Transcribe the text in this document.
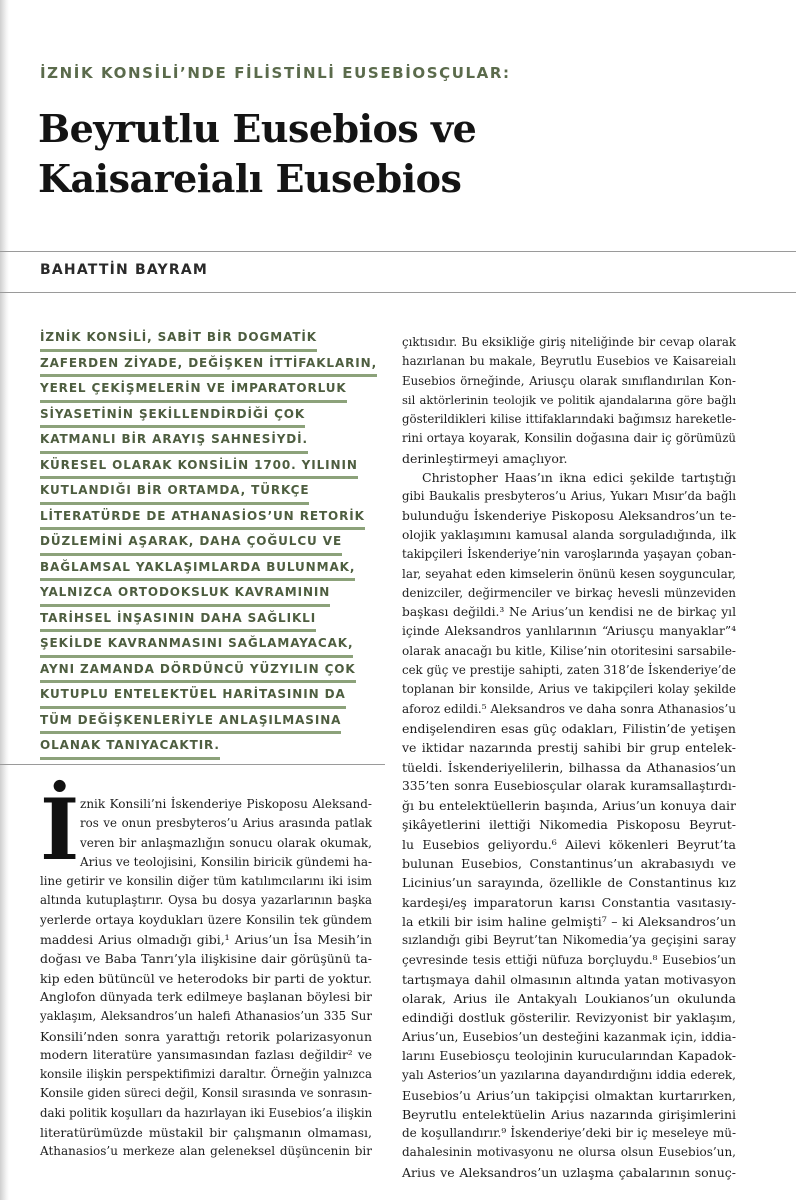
İZNİK KONSİLİ’NDE FİLİSTİNLİ EUSEBİOSÇULAR:
Beyrutlu Eusebios ve
Kaisareialı Eusebios
BAHATTİN BAYRAM
İZNİK KONSİLİ, SABİT BİR DOGMATİK
ZAFERDEN ZİYADE, DEĞİŞKEN İTTİFAKLARIN,
YEREL ÇEKİŞMELERİN VE İMPARATORLUK
SİYASETİNİN ŞEKİLLENDİRDİĞİ ÇOK
KATMANLI BİR ARAYIŞ SAHNESİYDİ.
KÜRESEL OLARAK KONSİLİN 1700. YILININ
KUTLANDIĞI BİR ORTAMDA, TÜRKÇE
LİTERATÜRDE DE ATHANASİOS’UN RETORİK
DÜZLEMİNİ AŞARAK, DAHA ÇOĞULCU VE
BAĞLAMSAL YAKLAŞIMLARDA BULUNMAK,
YALNIZCA ORTODOKSLUK KAVRAMININ
TARİHSEL İNŞASININ DAHA SAĞLIKLI
ŞEKİLDE KAVRANMASINI SAĞLAMAYACAK,
AYNI ZAMANDA DÖRDÜNCÜ YÜZYILIN ÇOK
KUTUPLU ENTELEKTÜEL HARİTASININ DA
TÜM DEĞİŞKENLERİYLE ANLAŞILMASINA
OLANAK TANIYACAKTIR.
İ znik Konsili’ni İskenderiye Piskoposu Aleksand-
ros ve onun presbyteros’u Arius arasında patlak
veren bir anlaşmazlığın sonucu olarak okumak,
Arius ve teolojisini, Konsilin biricik gündemi ha-
line getirir ve konsilin diğer tüm katılımcılarını iki isim
altında kutuplaştırır. Oysa bu dosya yazarlarının başka
yerlerde ortaya koydukları üzere Konsilin tek gündem
maddesi Arius olmadığı gibi,¹ Arius’un İsa Mesih’in
doğası ve Baba Tanrı’yla ilişkisine dair görüşünü ta-
kip eden bütüncül ve heterodoks bir parti de yoktur.
Anglofon dünyada terk edilmeye başlanan böylesi bir
yaklaşım, Aleksandros’un halefi Athanasios’un 335 Sur
Konsili’nden sonra yarattığı retorik polarizasyonun
modern literatüre yansımasından fazlası değildir² ve
konsile ilişkin perspektifimizi daraltır. Örneğin yalnızca
Konsile giden süreci değil, Konsil sırasında ve sonrasın-
daki politik koşulları da hazırlayan iki Eusebios’a ilişkin
literatürümüzde müstakil bir çalışmanın olmaması,
Athanasios’u merkeze alan geleneksel düşüncenin bir
çıktısıdır. Bu eksikliğe giriş niteliğinde bir cevap olarak
hazırlanan bu makale, Beyrutlu Eusebios ve Kaisareialı
Eusebios örneğinde, Ariusçu olarak sınıflandırılan Kon-
sil aktörlerinin teolojik ve politik ajandalarına göre bağlı
gösterildikleri kilise ittifaklarındaki bağımsız hareketle-
rini ortaya koyarak, Konsilin doğasına dair iç görümüzü
derinleştirmeyi amaçlıyor.
Christopher Haas’ın ikna edici şekilde tartıştığı
gibi Baukalis presbyteros’u Arius, Yukarı Mısır’da bağlı
bulunduğu İskenderiye Piskoposu Aleksandros’un te-
olojik yaklaşımını kamusal alanda sorguladığında, ilk
takipçileri İskenderiye’nin varoşlarında yaşayan çoban-
lar, seyahat eden kimselerin önünü kesen soyguncular,
denizciler, değirmenciler ve birkaç hevesli münzeviden
başkası değildi.³ Ne Arius’un kendisi ne de birkaç yıl
içinde Aleksandros yanlılarının “Ariusçu manyaklar”⁴
olarak anacağı bu kitle, Kilise’nin otoritesini sarsabile-
cek güç ve prestije sahipti, zaten 318’de İskenderiye’de
toplanan bir konsilde, Arius ve takipçileri kolay şekilde
aforoz edildi.⁵ Aleksandros ve daha sonra Athanasios’u
endişelendiren esas güç odakları, Filistin’de yetişen
ve iktidar nazarında prestij sahibi bir grup entelek-
tüeldi. İskenderiyelilerin, bilhassa da Athanasios’un
335’ten sonra Eusebiosçular olarak kuramsallaştırdı-
ğı bu entelektüellerin başında, Arius’un konuya dair
şikâyetlerini ilettiği Nikomedia Piskoposu Beyrut-
lu Eusebios geliyordu.⁶ Ailevi kökenleri Beyrut’ta
bulunan Eusebios, Constantinus’un akrabasıydı ve
Licinius’un sarayında, özellikle de Constantinus kız
kardeşi/eş imparatorun karısı Constantia vasıtasıy-
la etkili bir isim haline gelmişti⁷ – ki Aleksandros’un
sızlandığı gibi Beyrut’tan Nikomedia’ya geçişini saray
çevresinde tesis ettiği nüfuza borçluydu.⁸ Eusebios’un
tartışmaya dahil olmasının altında yatan motivasyon
olarak, Arius ile Antakyalı Loukianos’un okulunda
edindiği dostluk gösterilir. Revizyonist bir yaklaşım,
Arius’un, Eusebios’un desteğini kazanmak için, iddia-
larını Eusebiosçu teolojinin kurucularından Kapadok-
yalı Asterios’un yazılarına dayandırdığını iddia ederek,
Eusebios’u Arius’un takipçisi olmaktan kurtarırken,
Beyrutlu entelektüelin Arius nazarında girişimlerini
de koşullandırır.⁹ İskenderiye’deki bir iç meseleye mü-
dahalesinin motivasyonu ne olursa olsun Eusebios’un,
Arius ve Aleksandros’un uzlaşma çabalarının sonuç-
